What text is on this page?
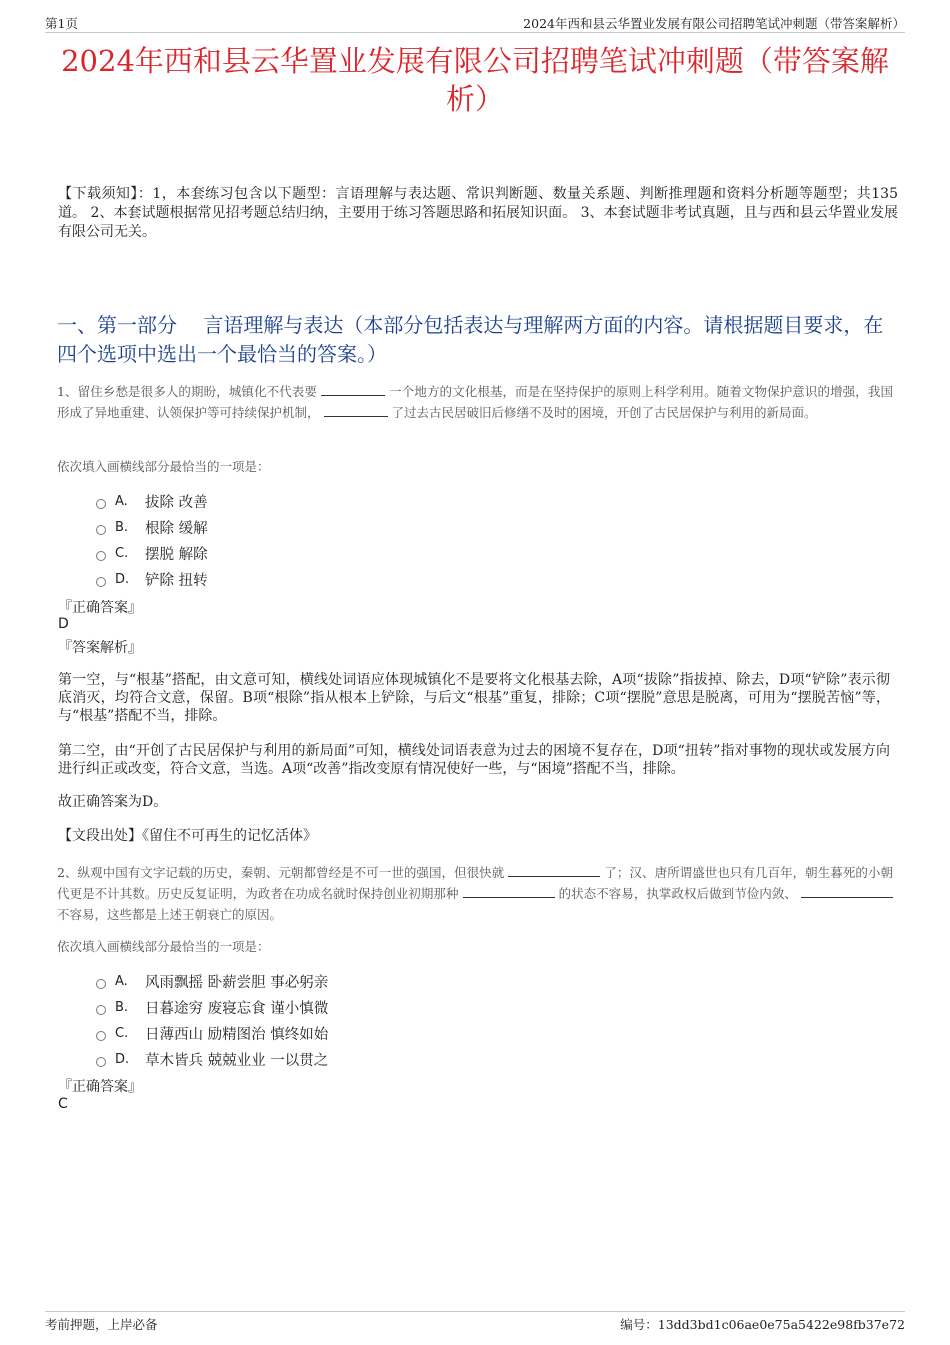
第1页	2024年西和县云华置业发展有限公司招聘笔试冲刺题（带答案解析）
2024年西和县云华置业发展有限公司招聘笔试冲刺题（带答案解析）
【下载须知】：1，本套练习包含以下题型：言语理解与表达题、常识判断题、数量关系题、判断推理题和资料分析题等题型；共135道。 2、本套试题根据常见招考题总结归纳，主要用于练习答题思路和拓展知识面。 3、本套试题非考试真题，且与西和县云华置业发展有限公司无关。
一、第一部分　 言语理解与表达（本部分包括表达与理解两方面的内容。请根据题目要求，在四个选项中选出一个最恰当的答案。）
1、留住乡愁是很多人的期盼，城镇化不代表要	一个地方的文化根基，而是在坚持保护的原则上科学利用。随着文物保护意识的增强，我国形成了异地重建、认领保护等可持续保护机制，	了过去古民居破旧后修缮不及时的困境，开创了古民居保护与利用的新局面。
依次填入画横线部分最恰当的一项是：
A.	拔除 改善
B.	根除 缓解
C.	摆脱 解除
D.	铲除 扭转
『正确答案』
D
『答案解析』
第一空，与“根基”搭配，由文意可知，横线处词语应体现城镇化不是要将文化根基去除，A项“拔除”指拔掉、除去，D项“铲除”表示彻底消灭，均符合文意，保留。B项“根除”指从根本上铲除，与后文“根基”重复，排除；C项“摆脱”意思是脱离，可用为“摆脱苦恼”等，与“根基”搭配不当，排除。
第二空，由“开创了古民居保护与利用的新局面”可知，横线处词语表意为过去的困境不复存在，D项“扭转”指对事物的现状或发展方向进行纠正或改变，符合文意，当选。A项“改善”指改变原有情况使好一些，与“困境”搭配不当，排除。
故正确答案为D。
【文段出处】《留住不可再生的记忆活体》
2、纵观中国有文字记载的历史，秦朝、元朝都曾经是不可一世的强国，但很快就	了；汉、唐所谓盛世也只有几百年，朝生暮死的小朝代更是不计其数。历史反复证明，为政者在功成名就时保持创业初期那种	的状态不容易，执掌政权后做到节俭内敛、  不容易，这些都是上述王朝衰亡的原因。
依次填入画横线部分最恰当的一项是：
A.	风雨飘摇 卧薪尝胆 事必躬亲
B.	日暮途穷 废寝忘食 谨小慎微
C.	日薄西山 励精图治 慎终如始
D.	草木皆兵 兢兢业业 一以贯之
『正确答案』
C
考前押题，上岸必备	编号：13dd3bd1c06ae0e75a5422e98fb37e72
